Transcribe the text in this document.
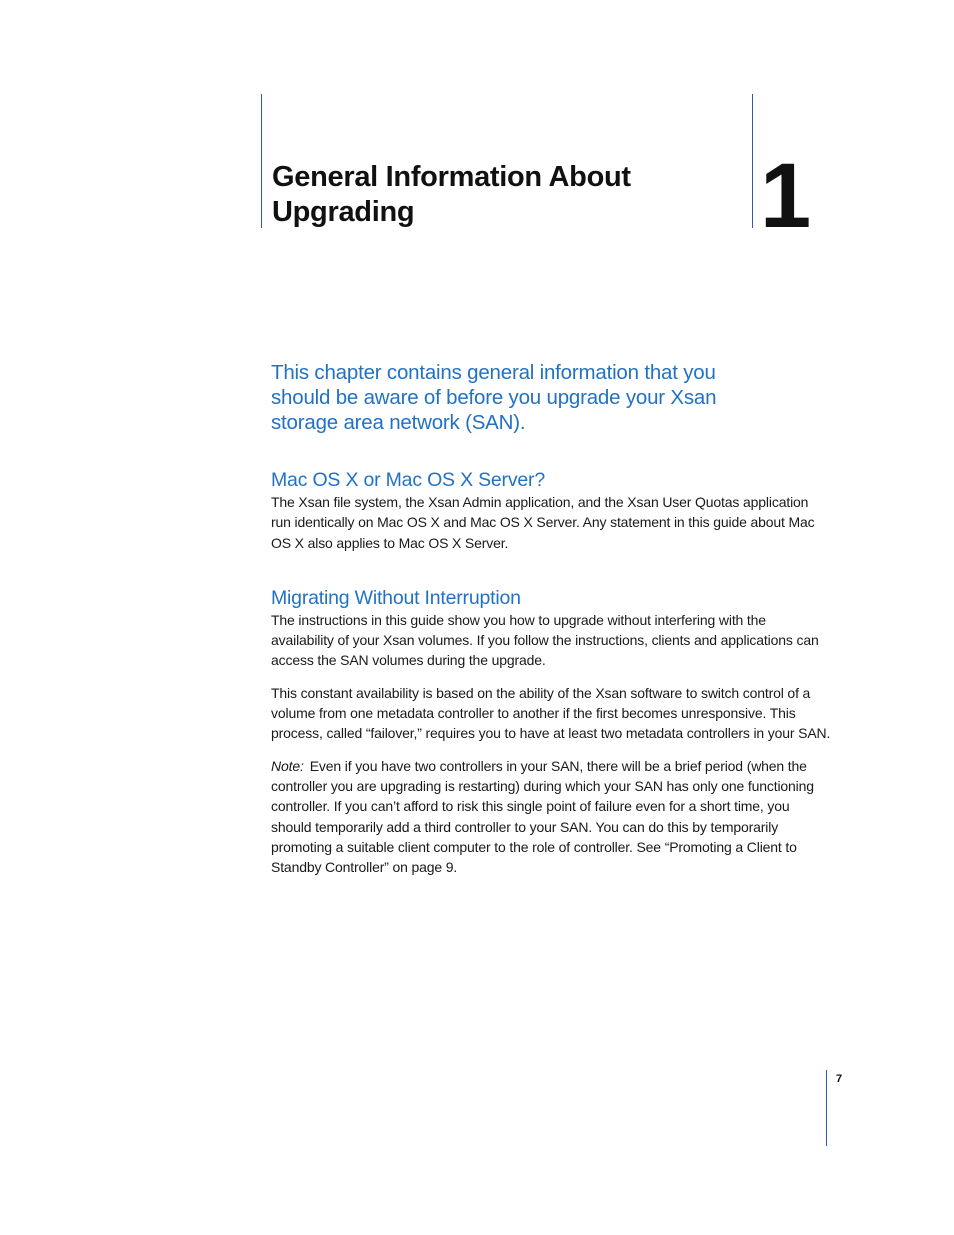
General Information About
Upgrading	1

This chapter contains general information that you should be aware of before you upgrade your Xsan storage area network (SAN).

Mac OS X or Mac OS X Server?

The Xsan file system, the Xsan Admin application, and the Xsan User Quotas application run identically on Mac OS X and Mac OS X Server. Any statement in this guide about Mac OS X also applies to Mac OS X Server.

Migrating Without Interruption

The instructions in this guide show you how to upgrade without interfering with the availability of your Xsan volumes. If you follow the instructions, clients and applications can access the SAN volumes during the upgrade.

This constant availability is based on the ability of the Xsan software to switch control of a volume from one metadata controller to another if the first becomes unresponsive. This process, called “failover,” requires you to have at least two metadata controllers in your SAN.

Note: Even if you have two controllers in your SAN, there will be a brief period (when the controller you are upgrading is restarting) during which your SAN has only one functioning controller. If you can’t afford to risk this single point of failure even for a short time, you should temporarily add a third controller to your SAN. You can do this by temporarily promoting a suitable client computer to the role of controller. See “Promoting a Client to Standby Controller” on page 9.

7
